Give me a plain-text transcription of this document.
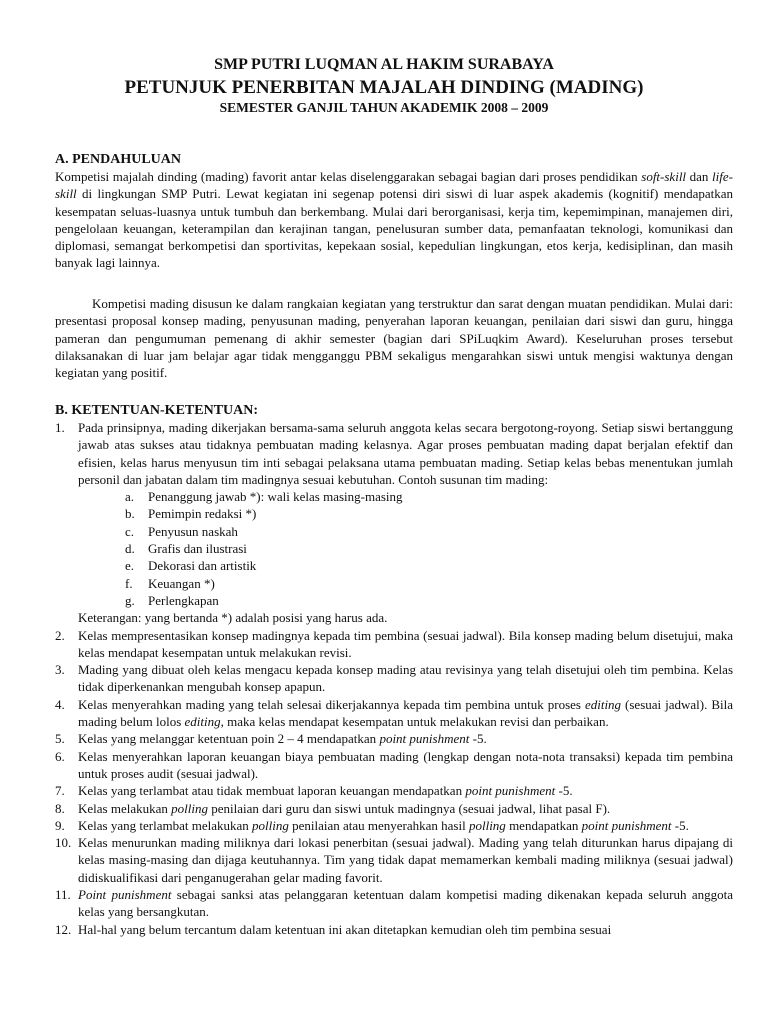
SMP PUTRI LUQMAN AL HAKIM SURABAYA
PETUNJUK PENERBITAN MAJALAH DINDING (MADING)
SEMESTER GANJIL TAHUN AKADEMIK 2008 – 2009
A. PENDAHULUAN

Kompetisi majalah dinding (mading) favorit antar kelas diselenggarakan sebagai bagian dari proses pendidikan soft-skill dan life-skill di lingkungan SMP Putri. Lewat kegiatan ini segenap potensi diri siswi di luar aspek akademis (kognitif) mendapatkan kesempatan seluas-luasnya untuk tumbuh dan berkembang. Mulai dari berorganisasi, kerja tim, kepemimpinan, manajemen diri, pengelolaan keuangan, keterampilan dan kerajinan tangan, penelusuran sumber data, pemanfaatan teknologi, komunikasi dan diplomasi, semangat berkompetisi dan sportivitas, kepekaan sosial, kepedulian lingkungan, etos kerja, kedisiplinan, dan masih banyak lagi lainnya.

Kompetisi mading disusun ke dalam rangkaian kegiatan yang terstruktur dan sarat dengan muatan pendidikan. Mulai dari: presentasi proposal konsep mading, penyusunan mading, penyerahan laporan keuangan, penilaian dari siswi dan guru, hingga pameran dan pengumuman pemenang di akhir semester (bagian dari SPiLuqkim Award). Keseluruhan proses tersebut dilaksanakan di luar jam belajar agar tidak mengganggu PBM sekaligus mengarahkan siswi untuk mengisi waktunya dengan kegiatan yang positif.

B. KETENTUAN-KETENTUAN:
1. Pada prinsipnya, mading dikerjakan bersama-sama seluruh anggota kelas secara bergotong-royong. Setiap siswi bertanggung jawab atas sukses atau tidaknya pembuatan mading kelasnya. Agar proses pembuatan mading dapat berjalan efektif dan efisien, kelas harus menyusun tim inti sebagai pelaksana utama pembuatan mading. Setiap kelas bebas menentukan jumlah personil dan jabatan dalam tim madingnya sesuai kebutuhan. Contoh susunan tim mading:
a. Penanggung jawab *): wali kelas masing-masing
b. Pemimpin redaksi *)
c. Penyusun naskah
d. Grafis dan ilustrasi
e. Dekorasi dan artistik
f. Keuangan *)
g. Perlengkapan
Keterangan: yang bertanda *) adalah posisi yang harus ada.
2. Kelas mempresentasikan konsep madingnya kepada tim pembina (sesuai jadwal). Bila konsep mading belum disetujui, maka kelas mendapat kesempatan untuk melakukan revisi.
3. Mading yang dibuat oleh kelas mengacu kepada konsep mading atau revisinya yang telah disetujui oleh tim pembina. Kelas tidak diperkenankan mengubah konsep apapun.
4. Kelas menyerahkan mading yang telah selesai dikerjakannya kepada tim pembina untuk proses editing (sesuai jadwal). Bila mading belum lolos editing, maka kelas mendapat kesempatan untuk melakukan revisi dan perbaikan.
5. Kelas yang melanggar ketentuan poin 2 – 4 mendapatkan point punishment -5.
6. Kelas menyerahkan laporan keuangan biaya pembuatan mading (lengkap dengan nota-nota transaksi) kepada tim pembina untuk proses audit (sesuai jadwal).
7. Kelas yang terlambat atau tidak membuat laporan keuangan mendapatkan point punishment -5.
8. Kelas melakukan polling penilaian dari guru dan siswi untuk madingnya (sesuai jadwal, lihat pasal F).
9. Kelas yang terlambat melakukan polling penilaian atau menyerahkan hasil polling mendapatkan point punishment -5.
10. Kelas menurunkan mading miliknya dari lokasi penerbitan (sesuai jadwal). Mading yang telah diturunkan harus dipajang di kelas masing-masing dan dijaga keutuhannya. Tim yang tidak dapat memamerkan kembali mading miliknya (sesuai jadwal) didiskualifikasi dari penganugerahan gelar mading favorit.
11. Point punishment sebagai sanksi atas pelanggaran ketentuan dalam kompetisi mading dikenakan kepada seluruh anggota kelas yang bersangkutan.
12. Hal-hal yang belum tercantum dalam ketentuan ini akan ditetapkan kemudian oleh tim pembina sesuai
